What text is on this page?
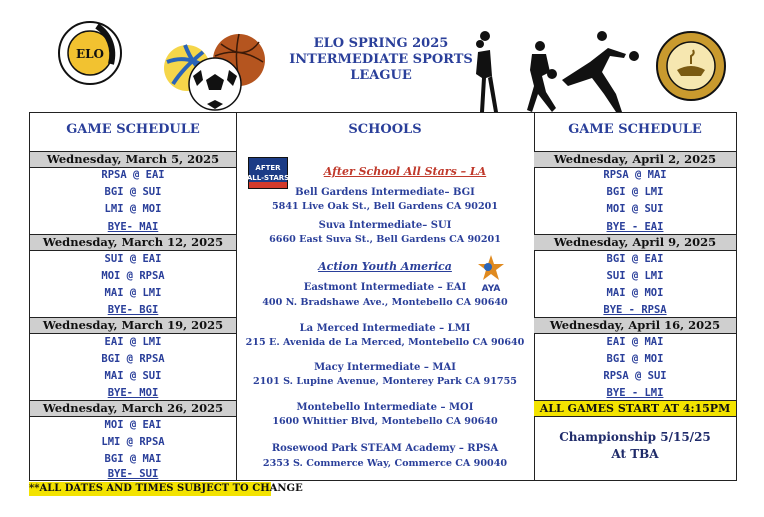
ELO
ELO SPRING 2025
INTERMEDIATE SPORTS
LEAGUE
GAME SCHEDULE
Wednesday, March 5, 2025
RPSA @ EAI
BGI @ SUI
LMI @ MOI
BYE- MAI
Wednesday, March 12, 2025
SUI @ EAI
MOI @ RPSA
MAI @ LMI
BYE- BGI
Wednesday, March 19, 2025
EAI @ LMI
BGI @ RPSA
MAI @ SUI
BYE- MOI
Wednesday, March 26, 2025
MOI @ EAI
LMI @ RPSA
BGI @ MAI
BYE- SUI
SCHOOLS
AFTER
ALL-STARS	After School All Stars – LA
Bell Gardens Intermediate– BGI
5841 Live Oak St., Bell Gardens CA 90201
Suva Intermediate– SUI
6660 East Suva St., Bell Gardens CA 90201
Action Youth America
AYA
Eastmont Intermediate – EAI
400 N. Bradshawe Ave., Montebello CA 90640
La Merced Intermediate – LMI
215 E. Avenida de La Merced, Montebello CA 90640
Macy Intermediate – MAI
2101 S. Lupine Avenue, Monterey Park CA 91755
Montebello Intermediate – MOI
1600 Whittier Blvd, Montebello CA 90640
Rosewood Park STEAM Academy – RPSA
2353 S. Commerce Way, Commerce CA 90040
GAME SCHEDULE
Wednesday, April 2, 2025
RPSA @ MAI
BGI @ LMI
MOI @ SUI
BYE - EAI
Wednesday, April 9, 2025
BGI @ EAI
SUI @ LMI
MAI @ MOI
BYE - RPSA
Wednesday, April 16, 2025
EAI @ MAI
BGI @ MOI
RPSA @ SUI
BYE - LMI
ALL GAMES START AT 4:15PM
Championship 5/15/25
At TBA
**ALL DATES AND TIMES SUBJECT TO CHANGE
